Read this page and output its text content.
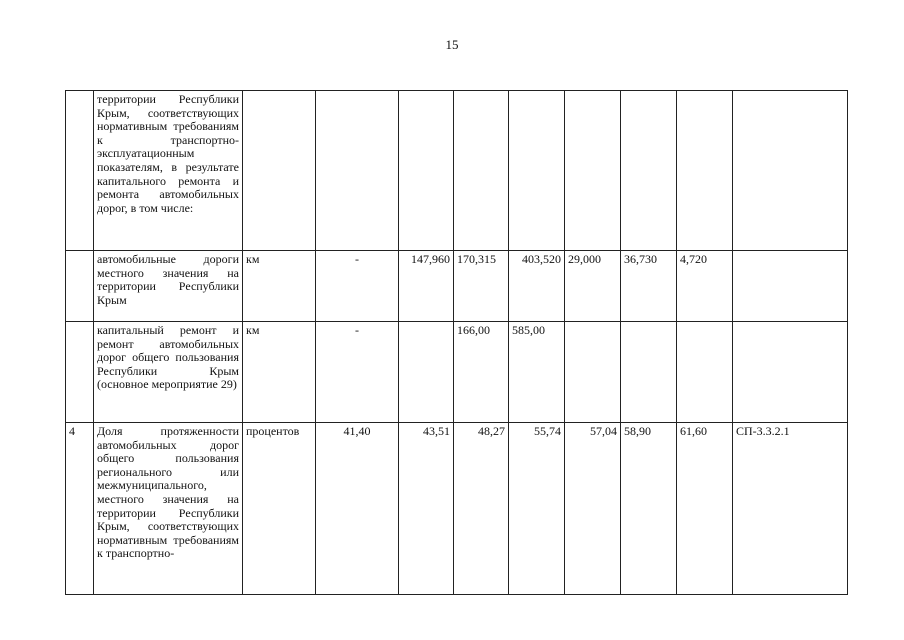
15
	территории Республики Крым, соответствующих нормативным требованиям к транспортно-эксплуатационным показателям, в результате капитального ремонта и ремонта автомобильных дорог, в том числе:									
	автомобильные дороги местного значения на территории Республики Крым	км	-	147,960	170,315	403,520	29,000	36,730	4,720	
	капитальный ремонт и ремонт автомобильных дорог общего пользования Республики Крым (основное мероприятие 29)	км	-		166,00	585,00				
4	Доля протяженности автомобильных дорог общего пользования регионального или межмуниципального, местного значения на территории Республики Крым, соответствующих нормативным требованиям к транспортно-	процентов	41,40	43,51	48,27	55,74	57,04	58,90	61,60	СП-3.3.2.1
